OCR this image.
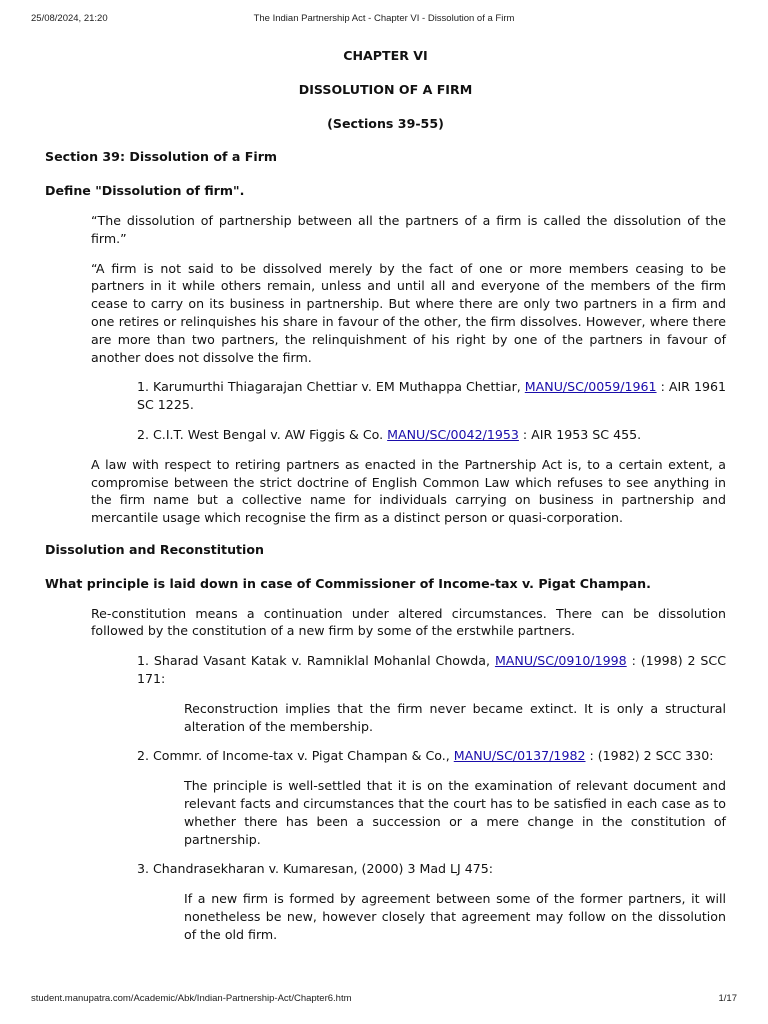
25/08/2024, 21:20	The Indian Partnership Act - Chapter VI - Dissolution of a Firm

CHAPTER VI

DISSOLUTION OF A FIRM

(Sections 39-55)

Section 39: Dissolution of a Firm

Define "Dissolution of firm".

“The dissolution of partnership between all the partners of a firm is called the dissolution of the firm.”

“A firm is not said to be dissolved merely by the fact of one or more members ceasing to be partners in it while others remain, unless and until all and everyone of the members of the firm cease to carry on its business in partnership. But where there are only two partners in a firm and one retires or relinquishes his share in favour of the other, the firm dissolves. However, where there are more than two partners, the relinquishment of his right by one of the partners in favour of another does not dissolve the firm.

1. Karumurthi Thiagarajan Chettiar v. EM Muthappa Chettiar, MANU/SC/0059/1961 : AIR 1961 SC 1225.

2. C.I.T. West Bengal v. AW Figgis & Co. MANU/SC/0042/1953 : AIR 1953 SC 455.

A law with respect to retiring partners as enacted in the Partnership Act is, to a certain extent, a compromise between the strict doctrine of English Common Law which refuses to see anything in the firm name but a collective name for individuals carrying on business in partnership and mercantile usage which recognise the firm as a distinct person or quasi-corporation.

Dissolution and Reconstitution

What principle is laid down in case of Commissioner of Income-tax v. Pigat Champan.

Re-constitution means a continuation under altered circumstances. There can be dissolution followed by the constitution of a new firm by some of the erstwhile partners.

1. Sharad Vasant Katak v. Ramniklal Mohanlal Chowda, MANU/SC/0910/1998 : (1998) 2 SCC 171:

Reconstruction implies that the firm never became extinct. It is only a structural alteration of the membership.

2. Commr. of Income-tax v. Pigat Champan & Co., MANU/SC/0137/1982 : (1982) 2 SCC 330:

The principle is well-settled that it is on the examination of relevant document and relevant facts and circumstances that the court has to be satisfied in each case as to whether there has been a succession or a mere change in the constitution of partnership.

3. Chandrasekharan v. Kumaresan, (2000) 3 Mad LJ 475:

If a new firm is formed by agreement between some of the former partners, it will nonetheless be new, however closely that agreement may follow on the dissolution of the old firm.

student.manupatra.com/Academic/Abk/Indian-Partnership-Act/Chapter6.htm	1/17
